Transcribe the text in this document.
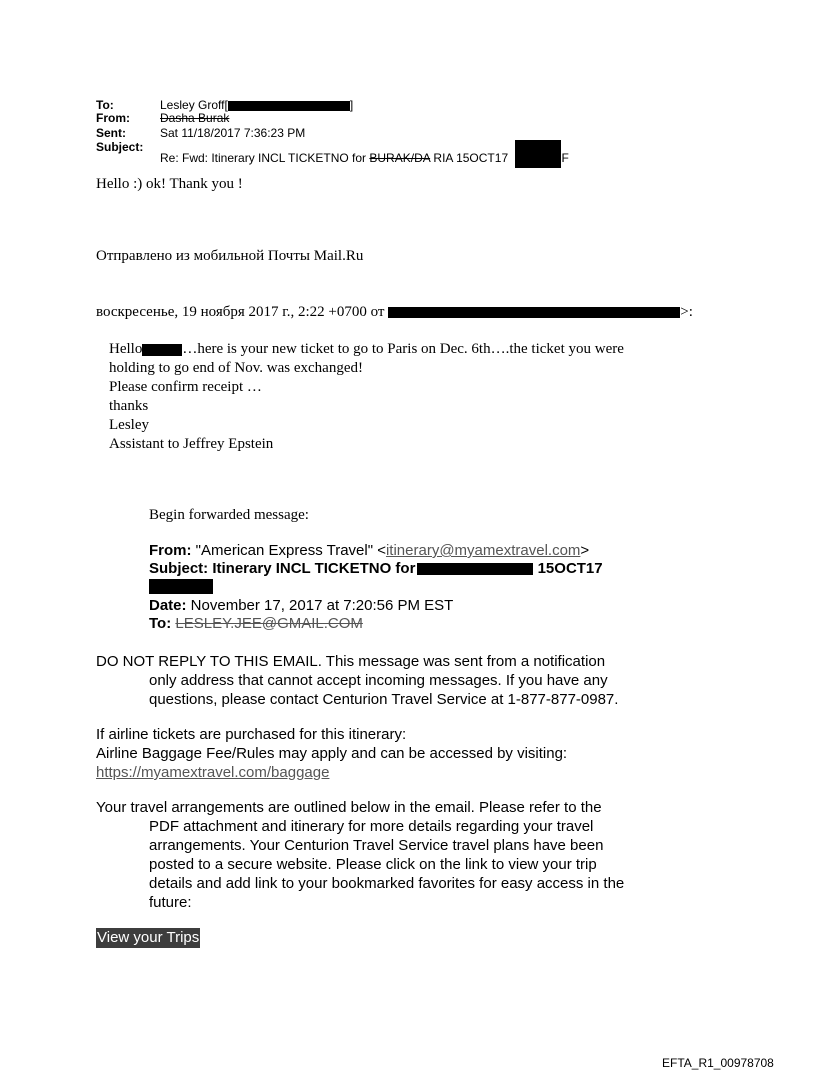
To:	Lesley Groff[	]
From:	Dasha Burak
Sent:	Sat 11/18/2017 7:36:23 PM
Subject:
Re: Fwd: Itinerary INCL TICKETNO for BURAK/DA RIA 15OCT17	F
Hello :) ok! Thank you !
Отправлено из мобильной Почты Mail.Ru
воскресенье, 19 ноября 2017 г., 2:22 +0700 от	>:
Hello	…here is your new ticket to go to Paris on Dec. 6th….the ticket you were
holding to go end of Nov. was exchanged!
Please confirm receipt …
thanks
Lesley
Assistant to Jeffrey Epstein
Begin forwarded message:
From: "American Express Travel" <itinerary@myamextravel.com>
Subject: Itinerary INCL TICKETNO for	15OCT17
Date: November 17, 2017 at 7:20:56 PM EST
To: LESLEY.JEE@GMAIL.COM
DO NOT REPLY TO THIS EMAIL. This message was sent from a notification
only address that cannot accept incoming messages. If you have any
questions, please contact Centurion Travel Service at 1-877-877-0987.
If airline tickets are purchased for this itinerary:
Airline Baggage Fee/Rules may apply and can be accessed by visiting:
https://myamextravel.com/baggage
Your travel arrangements are outlined below in the email. Please refer to the
PDF attachment and itinerary for more details regarding your travel
arrangements. Your Centurion Travel Service travel plans have been
posted to a secure website. Please click on the link to view your trip
details and add link to your bookmarked favorites for easy access in the
future:
View your Trips
EFTA_R1_00978708
